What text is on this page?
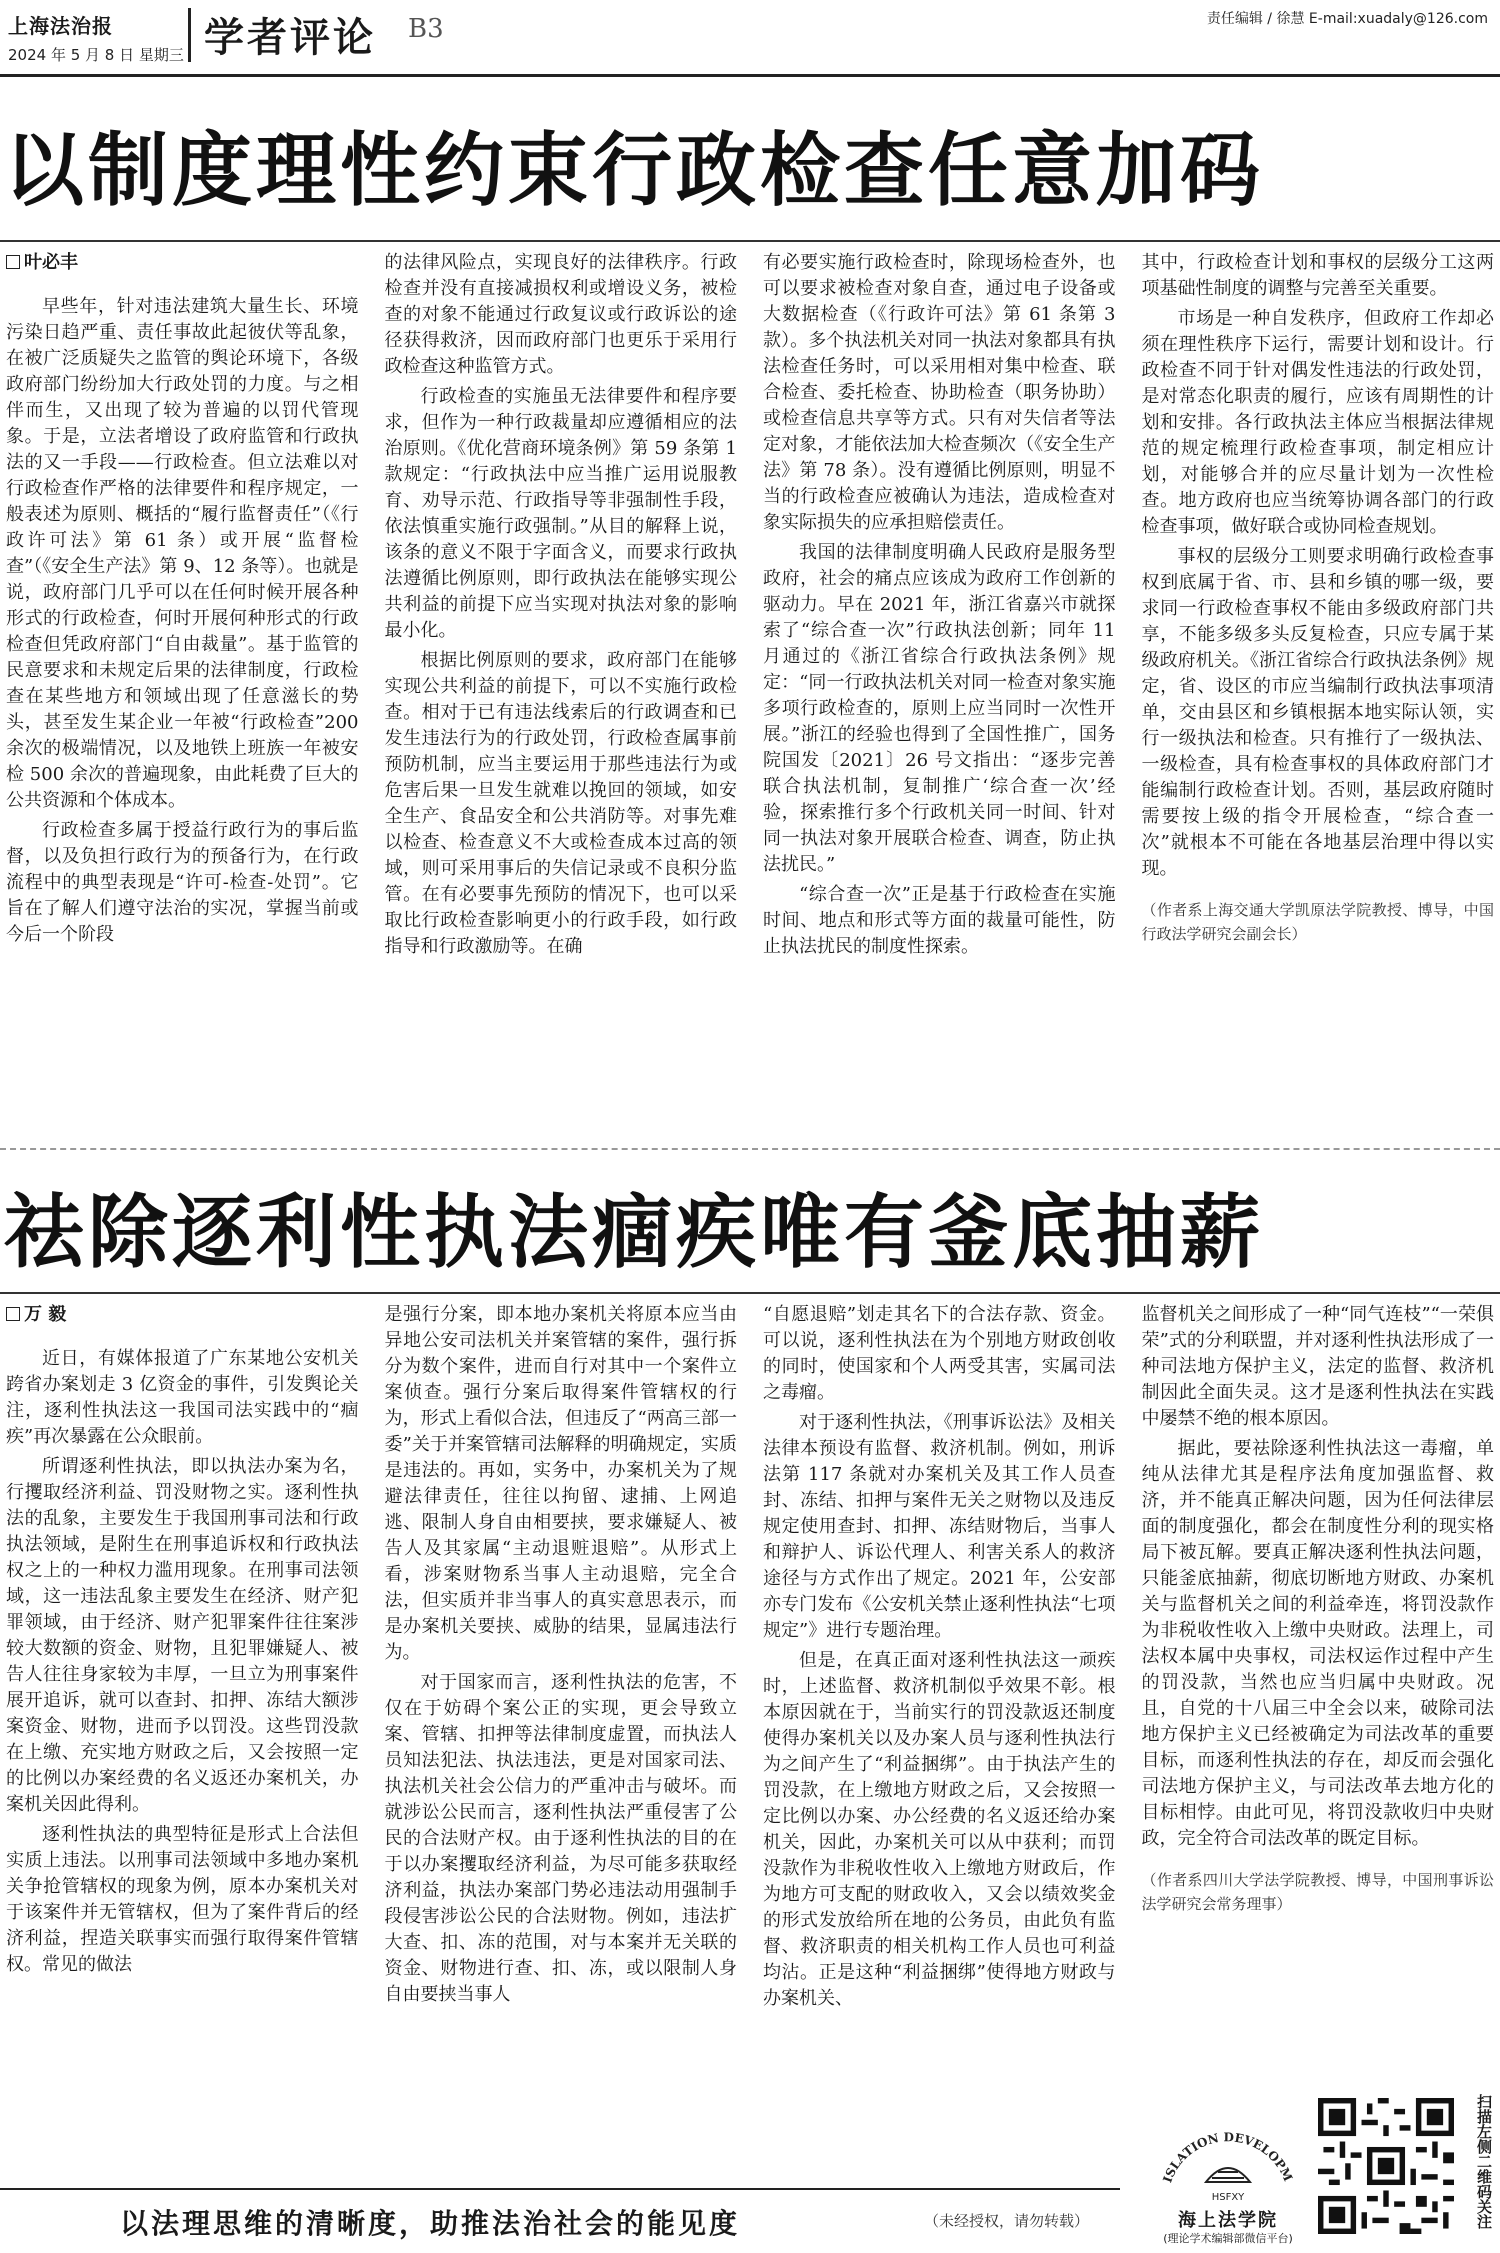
上海法治报
2024 年 5 月 8 日 星期三 学者评论 B3	责任编辑 / 徐慧 E-mail:xuadaly@126.com
以制度理性约束行政检查任意加码
叶必丰

早些年，针对违法建筑大量生长、环境污染日趋严重、责任事故此起彼伏等乱象，在被广泛质疑失之监管的舆论环境下，各级政府部门纷纷加大行政处罚的力度。与之相伴而生，又出现了较为普遍的以罚代管现象。于是，立法者增设了政府监管和行政执法的又一手段——行政检查。但立法难以对行政检查作严格的法律要件和程序规定，一般表述为原则、概括的“履行监督责任”（《行政许可法》第 61 条）或开展“监督检查”（《安全生产法》第 9、12 条等）。也就是说，政府部门几乎可以在任何时候开展各种形式的行政检查，何时开展何种形式的行政检查但凭政府部门“自由裁量”。基于监管的民意要求和未规定后果的法律制度，行政检查在某些地方和领域出现了任意滋长的势头，甚至发生某企业一年被“行政检查”200 余次的极端情况，以及地铁上班族一年被安检 500 余次的普遍现象，由此耗费了巨大的公共资源和个体成本。

行政检查多属于授益行政行为的事后监督，以及负担行政行为的预备行为，在行政流程中的典型表现是“许可-检查-处罚”。它旨在了解人们遵守法治的实况，掌握当前或今后一个阶段

的法律风险点，实现良好的法律秩序。行政检查并没有直接减损权利或增设义务，被检查的对象不能通过行政复议或行政诉讼的途径获得救济，因而政府部门也更乐于采用行政检查这种监管方式。

行政检查的实施虽无法律要件和程序要求，但作为一种行政裁量却应遵循相应的法治原则。《优化营商环境条例》第 59 条第 1 款规定：“行政执法中应当推广运用说服教育、劝导示范、行政指导等非强制性手段，依法慎重实施行政强制。”从目的解释上说，该条的意义不限于字面含义，而要求行政执法遵循比例原则，即行政执法在能够实现公共利益的前提下应当实现对执法对象的影响最小化。

根据比例原则的要求，政府部门在能够实现公共利益的前提下，可以不实施行政检查。相对于已有违法线索后的行政调查和已发生违法行为的行政处罚，行政检查属事前预防机制，应当主要运用于那些违法行为或危害后果一旦发生就难以挽回的领域，如安全生产、食品安全和公共消防等。对事先难以检查、检查意义不大或检查成本过高的领域，则可采用事后的失信记录或不良积分监管。在有必要事先预防的情况下，也可以采取比行政检查影响更小的行政手段，如行政指导和行政激励等。在确

有必要实施行政检查时，除现场检查外，也可以要求被检查对象自查，通过电子设备或大数据检查（《行政许可法》第 61 条第 3 款）。多个执法机关对同一执法对象都具有执法检查任务时，可以采用相对集中检查、联合检查、委托检查、协助检查（职务协助）或检查信息共享等方式。只有对失信者等法定对象，才能依法加大检查频次（《安全生产法》第 78 条）。没有遵循比例原则，明显不当的行政检查应被确认为违法，造成检查对象实际损失的应承担赔偿责任。

我国的法律制度明确人民政府是服务型政府，社会的痛点应该成为政府工作创新的驱动力。早在 2021 年，浙江省嘉兴市就探索了“综合查一次”行政执法创新；同年 11 月通过的《浙江省综合行政执法条例》规定：“同一行政执法机关对同一检查对象实施多项行政检查的，原则上应当同时一次性开展。”浙江的经验也得到了全国性推广，国务院国发〔2021〕26 号文指出：“逐步完善联合执法机制，复制推广‘综合查一次’经验，探索推行多个行政机关同一时间、针对同一执法对象开展联合检查、调查，防止执法扰民。”

“综合查一次”正是基于行政检查在实施时间、地点和形式等方面的裁量可能性，防止执法扰民的制度性探索。

其中，行政检查计划和事权的层级分工这两项基础性制度的调整与完善至关重要。

市场是一种自发秩序，但政府工作却必须在理性秩序下运行，需要计划和设计。行政检查不同于针对偶发性违法的行政处罚，是对常态化职责的履行，应该有周期性的计划和安排。各行政执法主体应当根据法律规范的规定梳理行政检查事项，制定相应计划，对能够合并的应尽量计划为一次性检查。地方政府也应当统筹协调各部门的行政检查事项，做好联合或协同检查规划。

事权的层级分工则要求明确行政检查事权到底属于省、市、县和乡镇的哪一级，要求同一行政检查事权不能由多级政府部门共享，不能多级多头反复检查，只应专属于某级政府机关。《浙江省综合行政执法条例》规定，省、设区的市应当编制行政执法事项清单，交由县区和乡镇根据本地实际认领，实行一级执法和检查。只有推行了一级执法、一级检查，具有检查事权的具体政府部门才能编制行政检查计划。否则，基层政府随时需要按上级的指令开展检查，“综合查一次”就根本不可能在各地基层治理中得以实现。

（作者系上海交通大学凯原法学院教授、博导，中国行政法学研究会副会长）

祛除逐利性执法痼疾唯有釜底抽薪
万 毅

近日，有媒体报道了广东某地公安机关跨省办案划走 3 亿资金的事件，引发舆论关注，逐利性执法这一我国司法实践中的“痼疾”再次暴露在公众眼前。

所谓逐利性执法，即以执法办案为名，行攫取经济利益、罚没财物之实。逐利性执法的乱象，主要发生于我国刑事司法和行政执法领域，是附生在刑事追诉权和行政执法权之上的一种权力滥用现象。在刑事司法领域，这一违法乱象主要发生在经济、财产犯罪领域，由于经济、财产犯罪案件往往案涉较大数额的资金、财物，且犯罪嫌疑人、被告人往往身家较为丰厚，一旦立为刑事案件展开追诉，就可以查封、扣押、冻结大额涉案资金、财物，进而予以罚没。这些罚没款在上缴、充实地方财政之后，又会按照一定的比例以办案经费的名义返还办案机关，办案机关因此得利。

逐利性执法的典型特征是形式上合法但实质上违法。以刑事司法领域中多地办案机关争抢管辖权的现象为例，原本办案机关对于该案件并无管辖权，但为了案件背后的经济利益，捏造关联事实而强行取得案件管辖权。常见的做法

是强行分案，即本地办案机关将原本应当由异地公安司法机关并案管辖的案件，强行拆分为数个案件，进而自行对其中一个案件立案侦查。强行分案后取得案件管辖权的行为，形式上看似合法，但违反了“两高三部一委”关于并案管辖司法解释的明确规定，实质是违法的。再如，实务中，办案机关为了规避法律责任，往往以拘留、逮捕、上网追逃、限制人身自由相要挟，要求嫌疑人、被告人及其家属“主动退赃退赔”。从形式上看，涉案财物系当事人主动退赔，完全合法，但实质并非当事人的真实意思表示，而是办案机关要挟、威胁的结果，显属违法行为。

对于国家而言，逐利性执法的危害，不仅在于妨碍个案公正的实现，更会导致立案、管辖、扣押等法律制度虚置，而执法人员知法犯法、执法违法，更是对国家司法、执法机关社会公信力的严重冲击与破坏。而就涉讼公民而言，逐利性执法严重侵害了公民的合法财产权。由于逐利性执法的目的在于以办案攫取经济利益，为尽可能多获取经济利益，执法办案部门势必违法动用强制手段侵害涉讼公民的合法财物。例如，违法扩大查、扣、冻的范围，对与本案并无关联的资金、财物进行查、扣、冻，或以限制人身自由要挟当事人

“自愿退赔”划走其名下的合法存款、资金。可以说，逐利性执法在为个别地方财政创收的同时，使国家和个人两受其害，实属司法之毒瘤。

对于逐利性执法，《刑事诉讼法》及相关法律本预设有监督、救济机制。例如，刑诉法第 117 条就对办案机关及其工作人员查封、冻结、扣押与案件无关之财物以及违反规定使用查封、扣押、冻结财物后，当事人和辩护人、诉讼代理人、利害关系人的救济途径与方式作出了规定。2021 年，公安部亦专门发布《公安机关禁止逐利性执法“七项规定”》进行专题治理。

但是，在真正面对逐利性执法这一顽疾时，上述监督、救济机制似乎效果不彰。根本原因就在于，当前实行的罚没款返还制度使得办案机关以及办案人员与逐利性执法行为之间产生了“利益捆绑”。由于执法产生的罚没款，在上缴地方财政之后，又会按照一定比例以办案、办公经费的名义返还给办案机关，因此，办案机关可以从中获利；而罚没款作为非税收性收入上缴地方财政后，作为地方可支配的财政收入，又会以绩效奖金的形式发放给所在地的公务员，由此负有监督、救济职责的相关机构工作人员也可利益均沾。正是这种“利益捆绑”使得地方财政与办案机关、

监督机关之间形成了一种“同气连枝”“一荣俱荣”式的分利联盟，并对逐利性执法形成了一种司法地方保护主义，法定的监督、救济机制因此全面失灵。这才是逐利性执法在实践中屡禁不绝的根本原因。

据此，要祛除逐利性执法这一毒瘤，单纯从法律尤其是程序法角度加强监督、救济，并不能真正解决问题，因为任何法律层面的制度强化，都会在制度性分利的现实格局下被瓦解。要真正解决逐利性执法问题，只能釜底抽薪，彻底切断地方财政、办案机关与监督机关之间的利益牵连，将罚没款作为非税收性收入上缴中央财政。法理上，司法权本属中央事权，司法权运作过程中产生的罚没款，当然也应当归属中央财政。况且，自党的十八届三中全会以来，破除司法地方保护主义已经被确定为司法改革的重要目标，而逐利性执法的存在，却反而会强化司法地方保护主义，与司法改革去地方化的目标相悖。由此可见，将罚没款收归中央财政，完全符合司法改革的既定目标。

（作者系四川大学法学院教授、博导，中国刑事诉讼法学研究会常务理事）

ISLATION DEVELOPM
HSFXY
海上法学院
(理论学术编辑部微信平台)
扫描左侧二维码关注
以法理思维的清晰度，助推法治社会的能见度	（未经授权，请勿转载）
